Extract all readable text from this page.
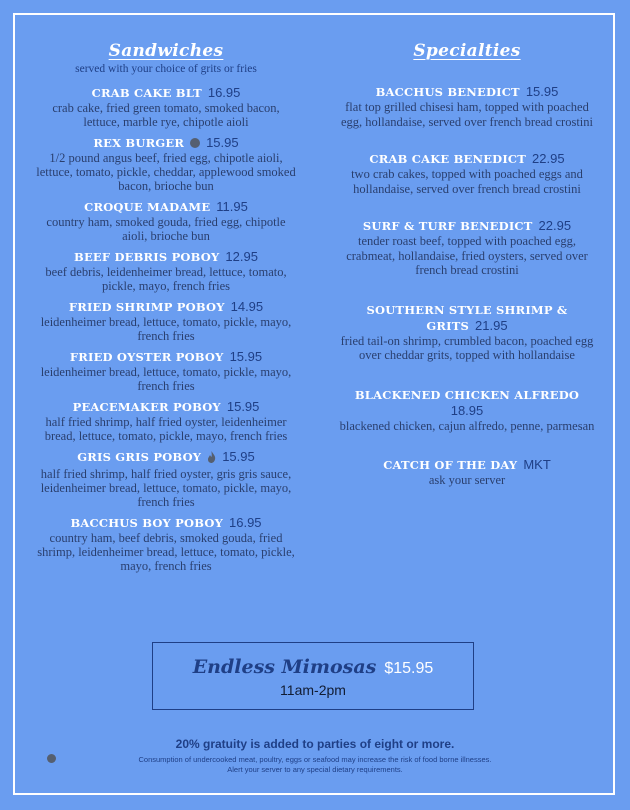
Sandwiches
served with your choice of grits or fries
CRAB CAKE BLT 16.95
crab cake, fried green tomato, smoked bacon, lettuce, marble rye, chipotle aioli
REX BURGER 15.95
1/2 pound angus beef, fried egg, chipotle aioli, lettuce, tomato, pickle, cheddar, applewood smoked bacon, brioche bun
CROQUE MADAME 11.95
country ham, smoked gouda, fried egg, chipotle aioli, brioche bun
BEEF DEBRIS POBOY 12.95
beef debris, leidenheimer bread, lettuce, tomato, pickle, mayo, french fries
FRIED SHRIMP POBOY 14.95
leidenheimer bread, lettuce, tomato, pickle, mayo, french fries
FRIED OYSTER POBOY 15.95
leidenheimer bread, lettuce, tomato, pickle, mayo, french fries
PEACEMAKER POBOY 15.95
half fried shrimp, half fried oyster, leidenheimer bread, lettuce, tomato, pickle, mayo, french fries
GRIS GRIS POBOY 15.95
half fried shrimp, half fried oyster, gris gris sauce, leidenheimer bread, lettuce, tomato, pickle, mayo, french fries
BACCHUS BOY POBOY 16.95
country ham, beef debris, smoked gouda, fried shrimp, leidenheimer bread, lettuce, tomato, pickle, mayo, french fries
Specialties
BACCHUS BENEDICT 15.95
flat top grilled chisesi ham, topped with poached egg, hollandaise, served over french bread crostini
CRAB CAKE BENEDICT 22.95
two crab cakes, topped with poached eggs and hollandaise, served over french bread crostini
SURF & TURF BENEDICT 22.95
tender roast beef, topped with poached egg, crabmeat, hollandaise, fried oysters, served over french bread crostini
SOUTHERN STYLE SHRIMP & GRITS 21.95
fried tail-on shrimp, crumbled bacon, poached egg over cheddar grits, topped with hollandaise
BLACKENED CHICKEN ALFREDO
18.95
blackened chicken, cajun alfredo, penne, parmesan
CATCH OF THE DAY MKT
ask your server
Endless Mimosas $15.95
11am-2pm
20% gratuity is added to parties of eight or more.
Consumption of undercooked meat, poultry, eggs or seafood may increase the risk of food borne illnesses.
Alert your server to any special dietary requirements.
